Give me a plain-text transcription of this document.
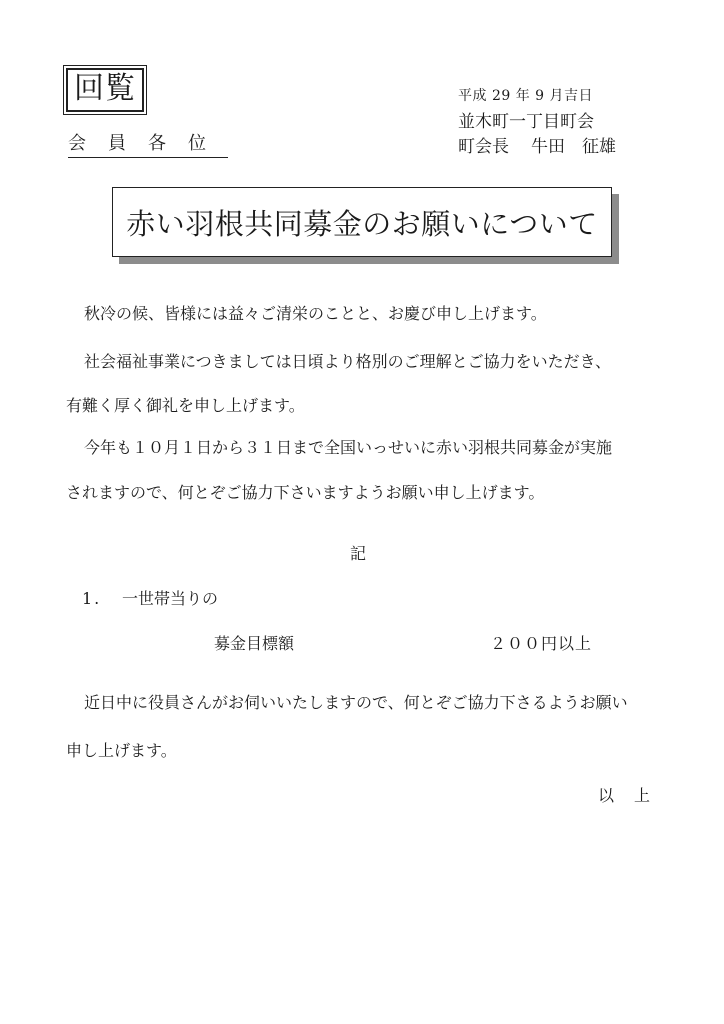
回覧	平成 29 年 9 月吉日
並木町一丁目町会
町会長 牛田　征雄
会員各位
赤い羽根共同募金のお願いについて
秋冷の候、皆様には益々ご清栄のことと、お慶び申し上げます。
社会福祉事業につきましては日頃より格別のご理解とご協力をいただき、
有難く厚く御礼を申し上げます。
今年も１０月１日から３１日まで全国いっせいに赤い羽根共同募金が実施
されますので、何とぞご協力下さいますようお願い申し上げます。
記
1. 一世帯当りの
募金目標額	２００円以上
近日中に役員さんがお伺いいたしますので、何とぞご協力下さるようお願い
申し上げます。
以上
